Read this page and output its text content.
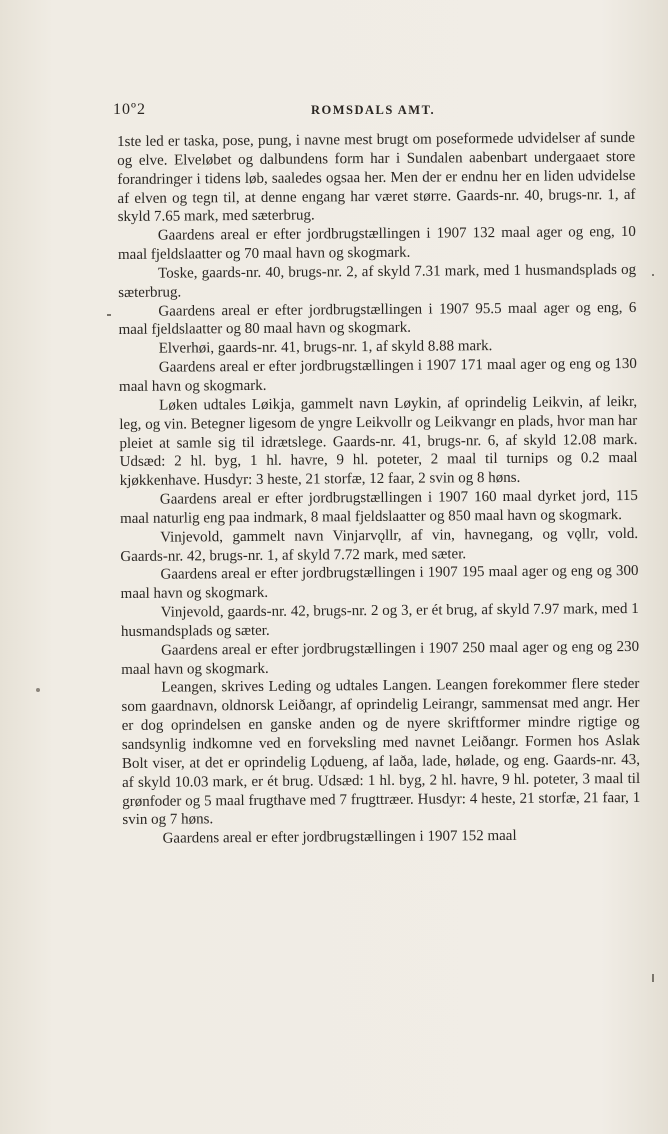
10º2	ROMSDALS AMT.

1ste led er taska, pose, pung, i navne mest brugt om poseformede udvidelser af sunde og elve. Elveløbet og dalbundens form har i Sundalen aabenbart undergaaet store forandringer i tidens løb, saaledes ogsaa her. Men der er endnu her en liden udvidelse af elven og tegn til, at denne engang har været større. Gaards-nr. 40, brugs-nr. 1, af skyld 7.65 mark, med sæterbrug.

Gaardens areal er efter jordbrugstællingen i 1907 132 maal ager og eng, 10 maal fjeldslaatter og 70 maal havn og skogmark.

Toske, gaards-nr. 40, brugs-nr. 2, af skyld 7.31 mark, med 1 husmandsplads og sæterbrug.

Gaardens areal er efter jordbrugstællingen i 1907 95.5 maal ager og eng, 6 maal fjeldslaatter og 80 maal havn og skogmark.

Elverhøi, gaards-nr. 41, brugs-nr. 1, af skyld 8.88 mark.

Gaardens areal er efter jordbrugstællingen i 1907 171 maal ager og eng og 130 maal havn og skogmark.

Løken udtales Løikja, gammelt navn Løykin, af oprindelig Leikvin, af leikr, leg, og vin. Betegner ligesom de yngre Leikvollr og Leikvangr en plads, hvor man har pleiet at samle sig til idrætslege. Gaards-nr. 41, brugs-nr. 6, af skyld 12.08 mark. Udsæd: 2 hl. byg, 1 hl. havre, 9 hl. poteter, 2 maal til turnips og 0.2 maal kjøkkenhave. Husdyr: 3 heste, 21 storfæ, 12 faar, 2 svin og 8 høns.

Gaardens areal er efter jordbrugstællingen i 1907 160 maal dyrket jord, 115 maal naturlig eng paa indmark, 8 maal fjeldslaatter og 850 maal havn og skogmark.

Vinjevold, gammelt navn Vinjarvǫllr, af vin, havnegang, og vǫllr, vold. Gaards-nr. 42, brugs-nr. 1, af skyld 7.72 mark, med sæter.

Gaardens areal er efter jordbrugstællingen i 1907 195 maal ager og eng og 300 maal havn og skogmark.

Vinjevold, gaards-nr. 42, brugs-nr. 2 og 3, er ét brug, af skyld 7.97 mark, med 1 husmandsplads og sæter.

Gaardens areal er efter jordbrugstællingen i 1907 250 maal ager og eng og 230 maal havn og skogmark.

Leangen, skrives Leding og udtales Langen. Leangen forekommer flere steder som gaardnavn, oldnorsk Leiðangr, af oprindelig Leirangr, sammensat med angr. Her er dog oprindelsen en ganske anden og de nyere skriftformer mindre rigtige og sandsynlig indkomne ved en forveksling med navnet Leiðangr. Formen hos Aslak Bolt viser, at det er oprindelig Lǫdueng, af laða, lade, hølade, og eng. Gaards-nr. 43, af skyld 10.03 mark, er ét brug. Udsæd: 1 hl. byg, 2 hl. havre, 9 hl. poteter, 3 maal til grønfoder og 5 maal frugthave med 7 frugttræer. Husdyr: 4 heste, 21 storfæ, 21 faar, 1 svin og 7 høns.

Gaardens areal er efter jordbrugstællingen i 1907 152 maal
